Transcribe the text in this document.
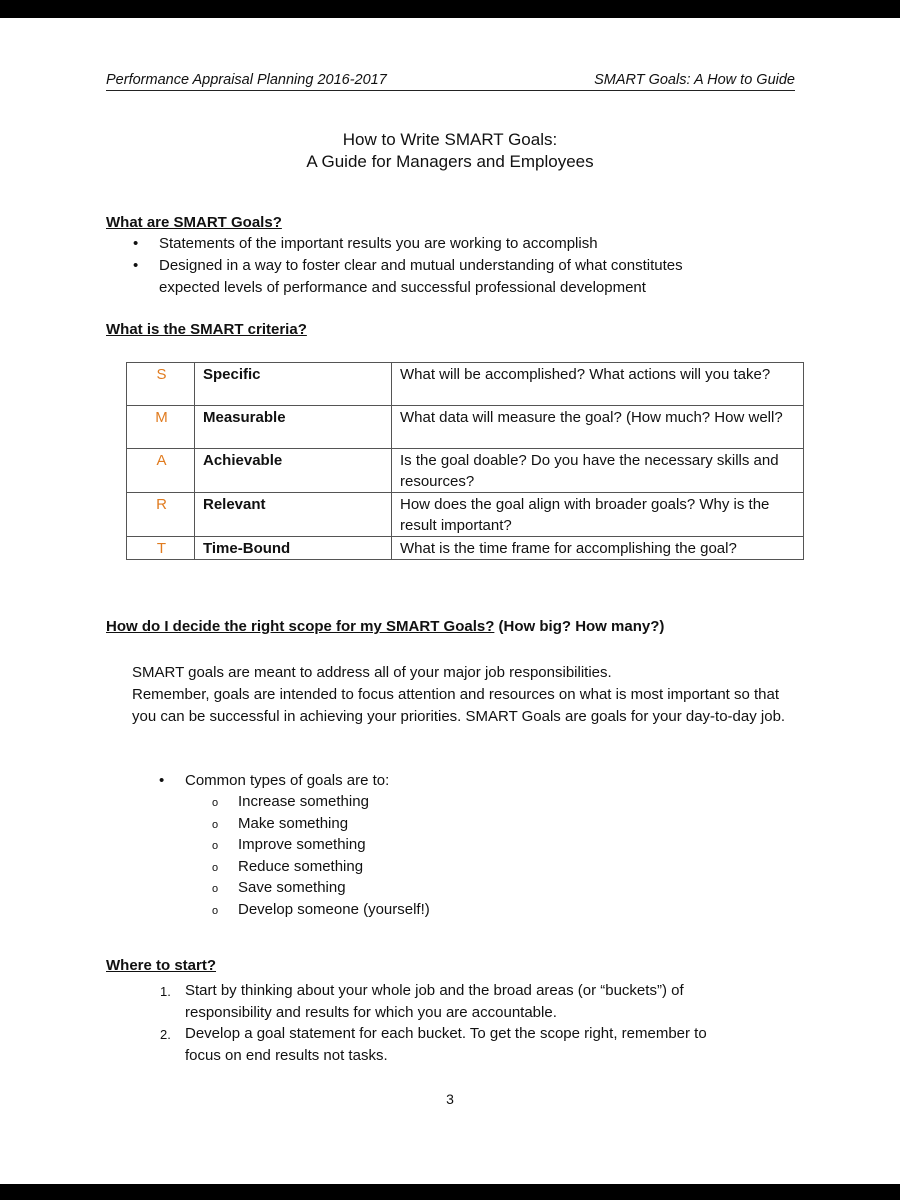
Performance Appraisal Planning 2016-2017	SMART Goals: A How to Guide
How to Write SMART Goals:
A Guide for Managers and Employees
What are SMART Goals?
• Statements of the important results you are working to accomplish
• Designed in a way to foster clear and mutual understanding of what constitutes
expected levels of performance and successful professional development
What is the SMART criteria?
S	Specific	What will be accomplished? What actions will you take?
M	Measurable	What data will measure the goal? (How much? How well?
A	Achievable	Is the goal doable? Do you have the necessary skills and resources?
R	Relevant	How does the goal align with broader goals? Why is the result important?
T	Time-Bound	What is the time frame for accomplishing the goal?
How do I decide the right scope for my SMART Goals? (How big? How many?)
SMART goals are meant to address all of your major job responsibilities.
Remember, goals are intended to focus attention and resources on what is most important so that you can be successful in achieving your priorities. SMART Goals are goals for your day-to-day job.
• Common types of goals are to:
o Increase something
o Make something
o Improve something
o Reduce something
o Save something
o Develop someone (yourself!)
Where to start?
1. Start by thinking about your whole job and the broad areas (or “buckets”) of
responsibility and results for which you are accountable.
2. Develop a goal statement for each bucket. To get the scope right, remember to
focus on end results not tasks.
3
